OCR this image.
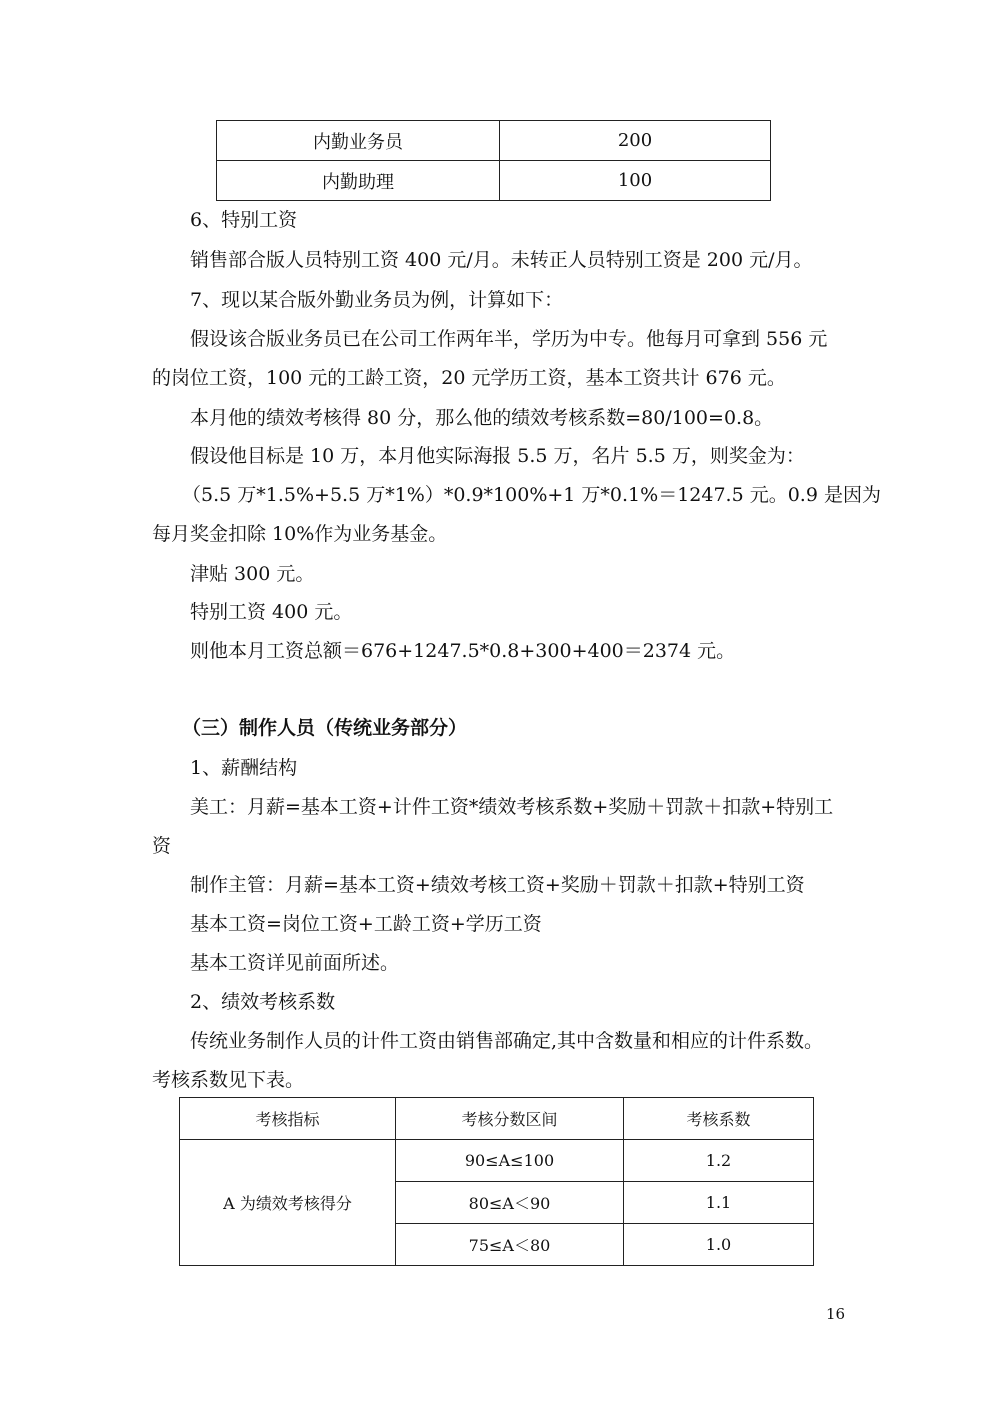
内勤业务员	200
内勤助理	100
6、特别工资
销售部合版人员特别工资 400 元/月。未转正人员特别工资是 200 元/月。
7、现以某合版外勤业务员为例，计算如下：
假设该合版业务员已在公司工作两年半，学历为中专。他每月可拿到 556 元
的岗位工资，100 元的工龄工资，20 元学历工资，基本工资共计 676 元。
本月他的绩效考核得 80 分，那么他的绩效考核系数=80/100=0.8。
假设他目标是 10 万，本月他实际海报 5.5 万，名片 5.5 万，则奖金为：
（5.5 万*1.5%+5.5 万*1%）*0.9*100%+1 万*0.1%＝1247.5 元。0.9 是因为
每月奖金扣除 10%作为业务基金。
津贴 300 元。
特别工资 400 元。
则他本月工资总额＝676+1247.5*0.8+300+400＝2374 元。
（三）制作人员（传统业务部分）
1、薪酬结构
美工：月薪=基本工资+计件工资*绩效考核系数+奖励＋罚款＋扣款+特别工
资
制作主管：月薪=基本工资+绩效考核工资+奖励＋罚款＋扣款+特别工资
基本工资=岗位工资+工龄工资+学历工资
基本工资详见前面所述。
2、绩效考核系数
传统业务制作人员的计件工资由销售部确定,其中含数量和相应的计件系数。
考核系数见下表。
考核指标	考核分数区间	考核系数
A 为绩效考核得分	90≤A≤100	1.2
	80≤A＜90	1.1
	75≤A＜80	1.0
16
